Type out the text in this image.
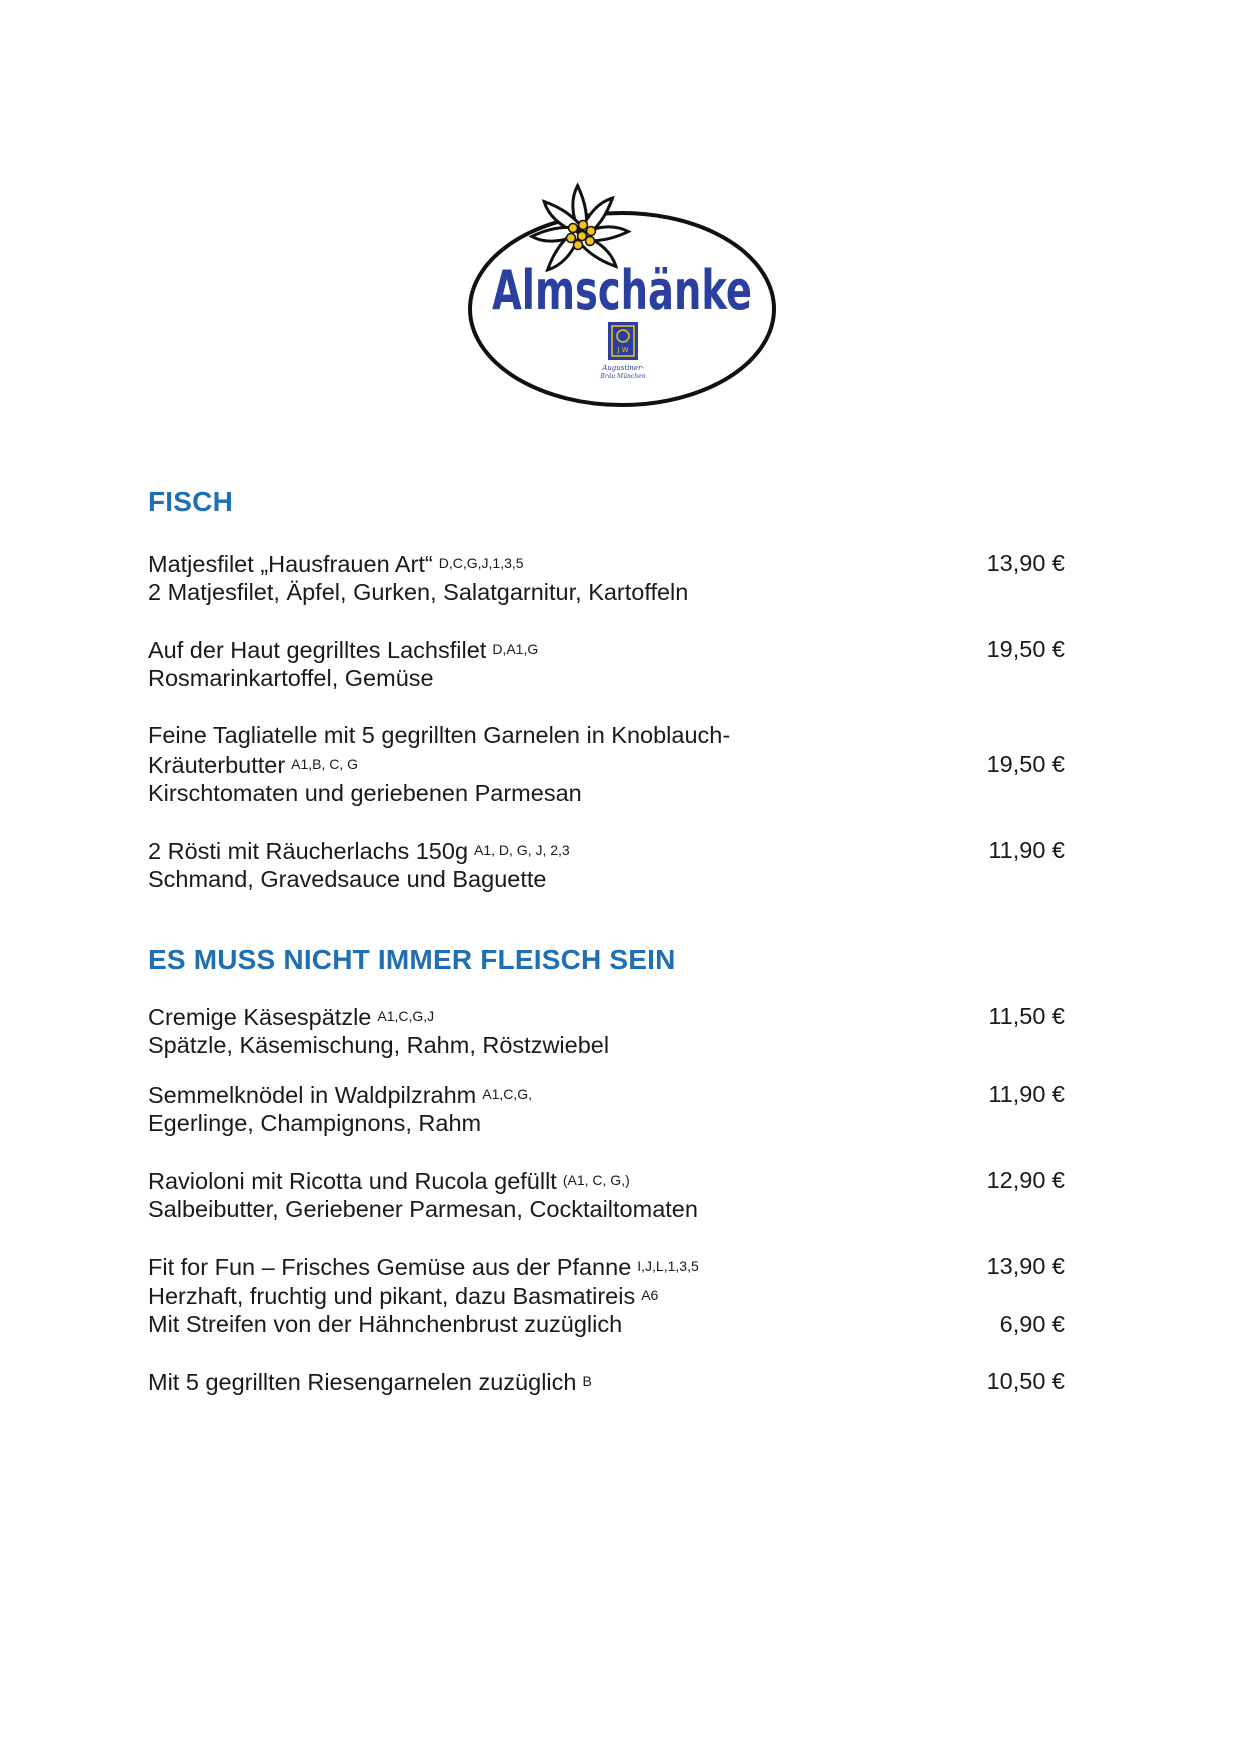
Almschänke
J W
Augustiner-
Bräu München
FISCH
Matjesfilet „Hausfrauen Art“ D,C,G,J,1,3,5	13,90 €
2 Matjesfilet, Äpfel, Gurken, Salatgarnitur, Kartoffeln
Auf der Haut gegrilltes Lachsfilet D,A1,G	19,50 €
Rosmarinkartoffel, Gemüse
Feine Tagliatelle mit 5 gegrillten Garnelen in Knoblauch-
Kräuterbutter A1,B, C, G	19,50 €
Kirschtomaten und geriebenen Parmesan
2 Rösti mit Räucherlachs 150g A1, D, G, J, 2,3	11,90 €
Schmand, Gravedsauce und Baguette
ES MUSS NICHT IMMER FLEISCH SEIN
Cremige Käsespätzle A1,C,G,J	11,50 €
Spätzle, Käsemischung, Rahm, Röstzwiebel
Semmelknödel in Waldpilzrahm A1,C,G,	11,90 €
Egerlinge, Champignons, Rahm
Ravioloni mit Ricotta und Rucola gefüllt (A1, C, G,)	12,90 €
Salbeibutter, Geriebener Parmesan, Cocktailtomaten
Fit for Fun – Frisches Gemüse aus der Pfanne I,J,L,1,3,5	13,90 €
Herzhaft, fruchtig und pikant, dazu Basmatireis A6
Mit Streifen von der Hähnchenbrust zuzüglich	6,90 €
Mit 5 gegrillten Riesengarnelen zuzüglich B	10,50 €
